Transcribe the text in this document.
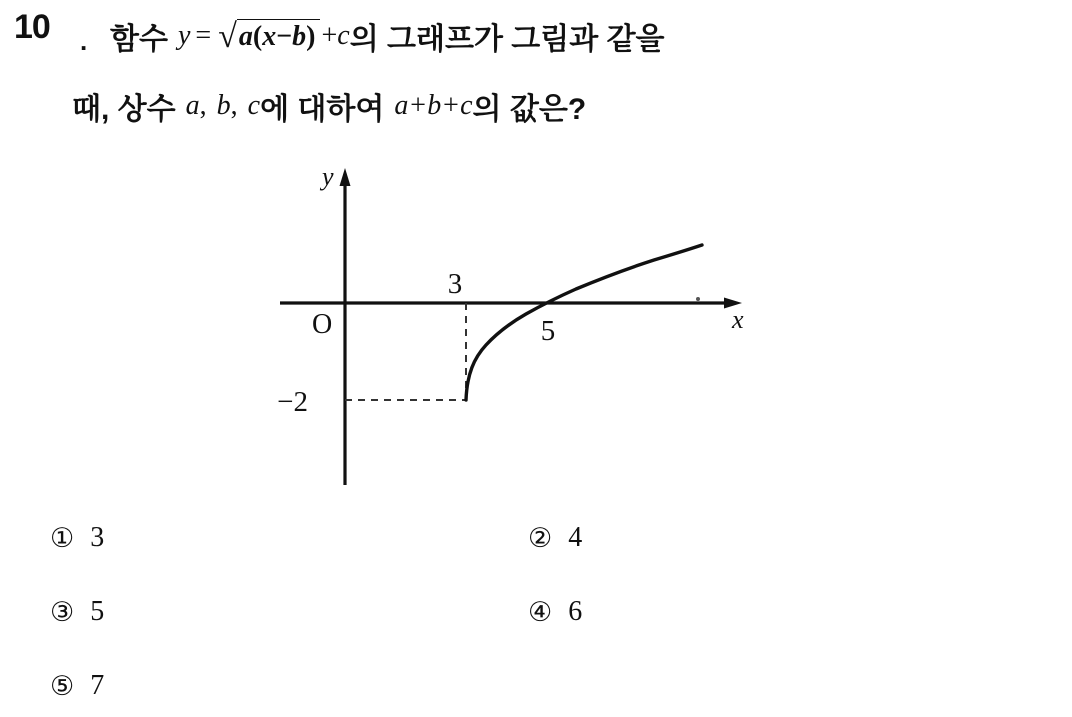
10 . 함수 y = √ a(x−b) + c 의 그래프가 그림과 같을
때, 상수 a , b , c 에 대하여 a+b+c 의 값은?
y
x
O
3
5
−2
① 3	② 4
③ 5	④ 6
⑤ 7
